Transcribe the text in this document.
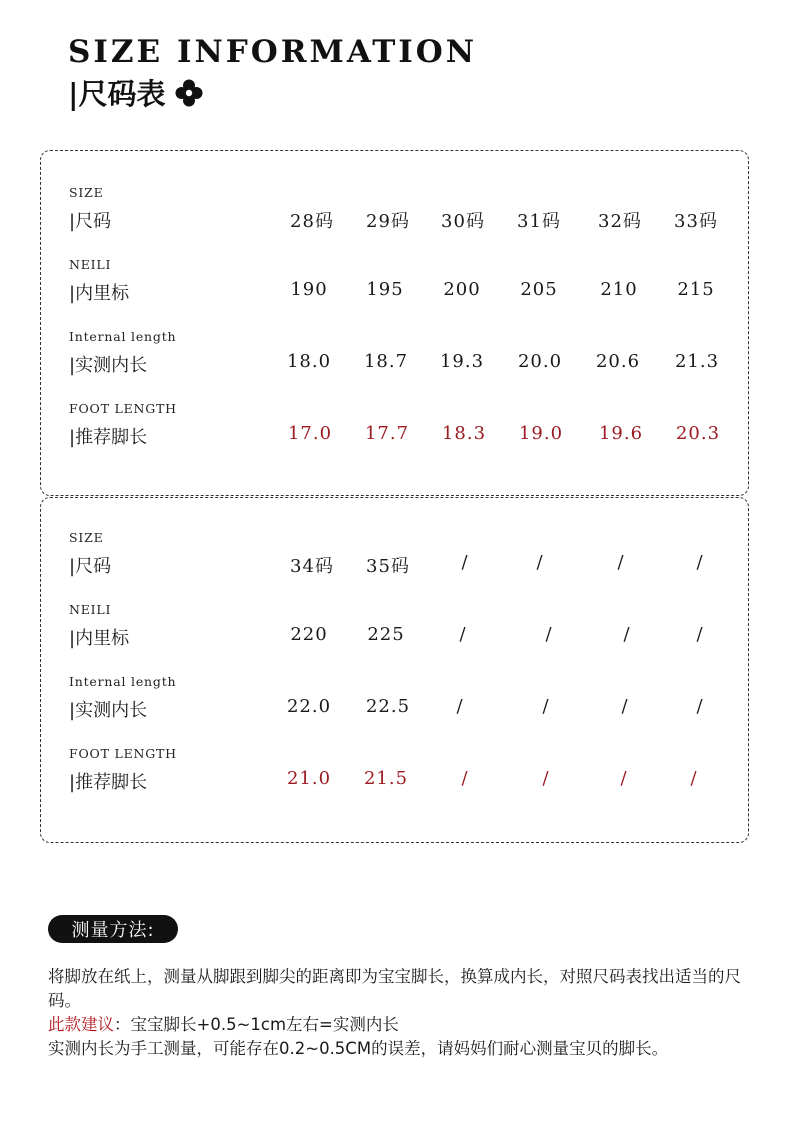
SIZE INFORMATION
|尺码表
SIZE
|尺码	28码	29码	30码	31码	32码	33码
NEILI
|内里标	190	195	200	205	210	215
Internal length
|实测内长	18.0	18.7	19.3	20.0	20.6	21.3
FOOT LENGTH
|推荐脚长	17.0	17.7	18.3	19.0	19.6	20.3
SIZE
|尺码	34码	35码	/	/	/	/
NEILI
|内里标	220	225	/	/	/	/
Internal length
|实测内长	22.0	22.5	/	/	/	/
FOOT LENGTH
|推荐脚长	21.0	21.5	/	/	/	/
测量方法:

将脚放在纸上，测量从脚跟到脚尖的距离即为宝宝脚长，换算成内长，对照尺码表找出适当的尺码。

此款建议：宝宝脚长+0.5~1cm左右=实测内长

实测内长为手工测量，可能存在0.2~0.5CM的误差，请妈妈们耐心测量宝贝的脚长。
